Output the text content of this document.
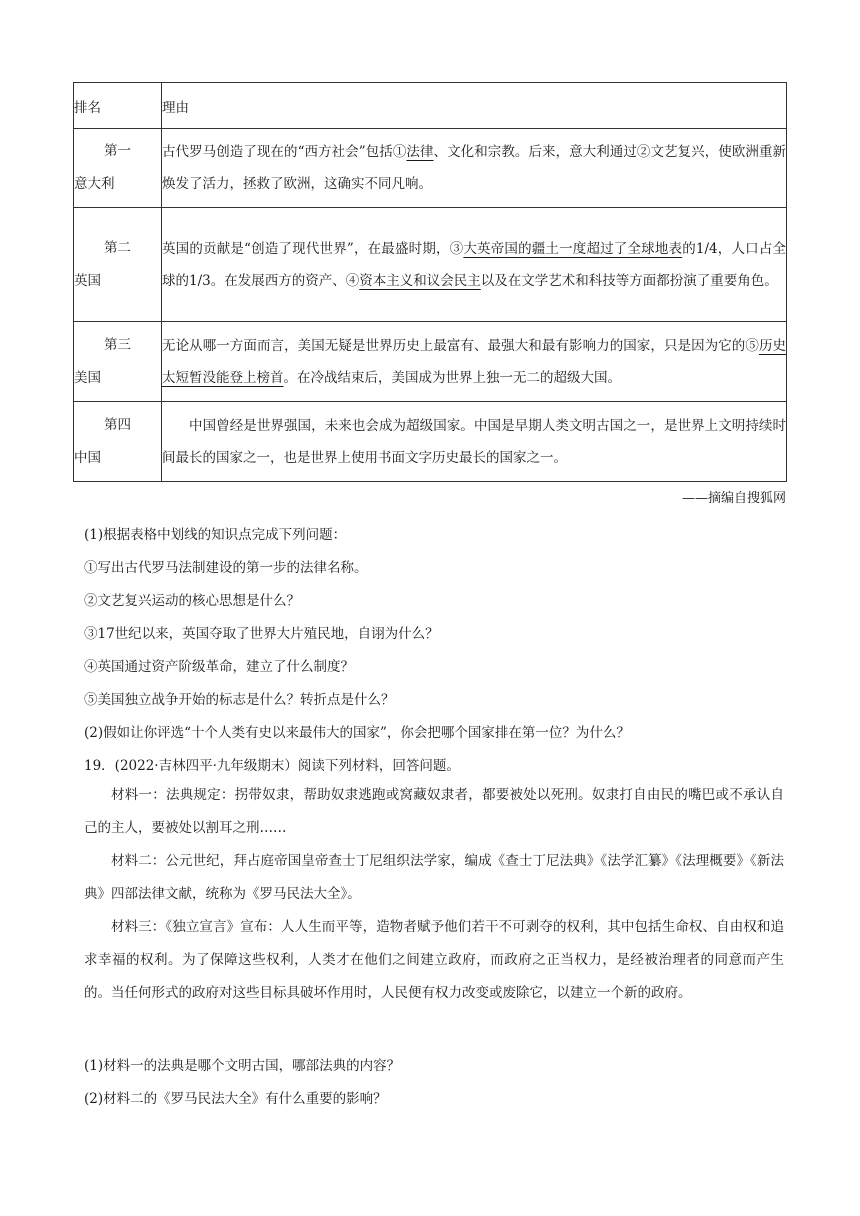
排名	理由

第一
意大利	古代罗马创造了现在的“西方社会”包括①法律、文化和宗教。后来，意大利通过②文艺复兴，使欧洲重新焕发了活力，拯救了欧洲，这确实不同凡响。

第二
英国	英国的贡献是“创造了现代世界”，在最盛时期，③大英帝国的疆土一度超过了全球地表的1/4，人口占全球的1/3。在发展西方的资产、④资本主义和议会民主以及在文学艺术和科技等方面都扮演了重要角色。

第三
美国	无论从哪一方面而言，美国无疑是世界历史上最富有、最强大和最有影响力的国家，只是因为它的⑤历史太短暂没能登上榜首。在冷战结束后，美国成为世界上独一无二的超级大国。

第四
中国	中国曾经是世界强国，未来也会成为超级国家。中国是早期人类文明古国之一，是世界上文明持续时间最长的国家之一，也是世界上使用书面文字历史最长的国家之一。
——摘编自搜狐网
(1)根据表格中划线的知识点完成下列问题：
①写出古代罗马法制建设的第一步的法律名称。
②文艺复兴运动的核心思想是什么？
③17世纪以来，英国夺取了世界大片殖民地，自诩为什么？
④英国通过资产阶级革命，建立了什么制度？
⑤美国独立战争开始的标志是什么？转折点是什么？
(2)假如让你评选“十个人类有史以来最伟大的国家”，你会把哪个国家排在第一位？为什么？
19．(2022·吉林四平·九年级期末）阅读下列材料，回答问题。
材料一：法典规定：拐带奴隶，帮助奴隶逃跑或窝藏奴隶者，都要被处以死刑。奴隶打自由民的嘴巴或不承认自己的主人，要被处以割耳之刑……
材料二：公元世纪，拜占庭帝国皇帝查士丁尼组织法学家，编成《查士丁尼法典》《法学汇纂》《法理概要》《新法典》四部法律文献，统称为《罗马民法大全》。
材料三：《独立宣言》宣布：人人生而平等，造物者赋予他们若干不可剥夺的权利，其中包括生命权、自由权和追求幸福的权利。为了保障这些权利，人类才在他们之间建立政府，而政府之正当权力，是经被治理者的同意而产生的。当任何形式的政府对这些目标具破坏作用时，人民便有权力改变或废除它，以建立一个新的政府。
(1)材料一的法典是哪个文明古国，哪部法典的内容？
(2)材料二的《罗马民法大全》有什么重要的影响？
